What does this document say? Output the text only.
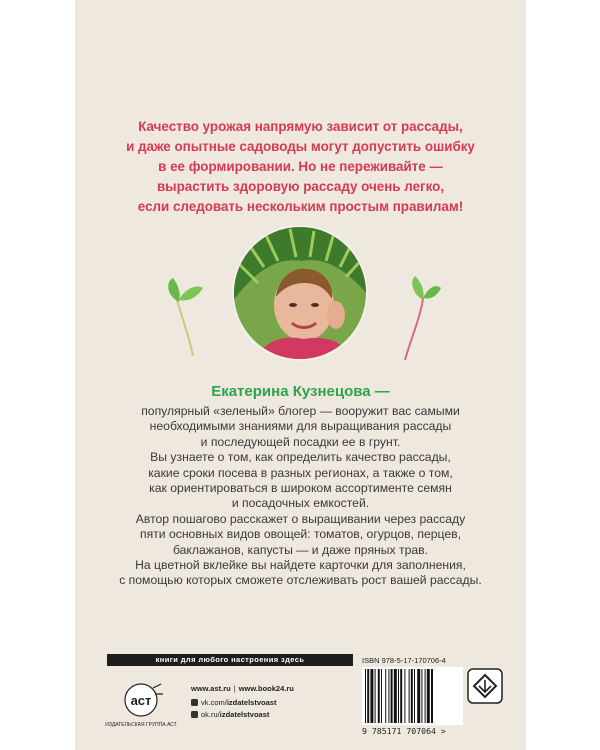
Качество урожая напрямую зависит от рассады,
и даже опытные садоводы могут допустить ошибку
в ее формировании. Но не переживайте —
вырастить здоровую рассаду очень легко,
если следовать нескольким простым правилам!

Екатерина Кузнецова —

популярный «зеленый» блогер — вооружит вас самыми
необходимыми знаниями для выращивания рассады
и последующей посадки ее в грунт.
Вы узнаете о том, как определить качество рассады,
какие сроки посева в разных регионах, а также о том,
как ориентироваться в широком ассортименте семян
и посадочных емкостей.
Автор пошагово расскажет о выращивании через рассаду
пяти основных видов овощей: томатов, огурцов, перцев,
баклажанов, капусты — и даже пряных трав.
На цветной вклейке вы найдете карточки для заполнения,
с помощью которых сможете отслеживать рост вашей рассады.

книги для любого настроения здесь
аст
ИЗДАТЕЛЬСКАЯ ГРУППА АСТ
www.ast.ru | www.book24.ru
vk.com/izdatelstvoast
ok.ru/izdatelstvoast
ISBN 978-5-17-170706-4
9 785171 707064 >
